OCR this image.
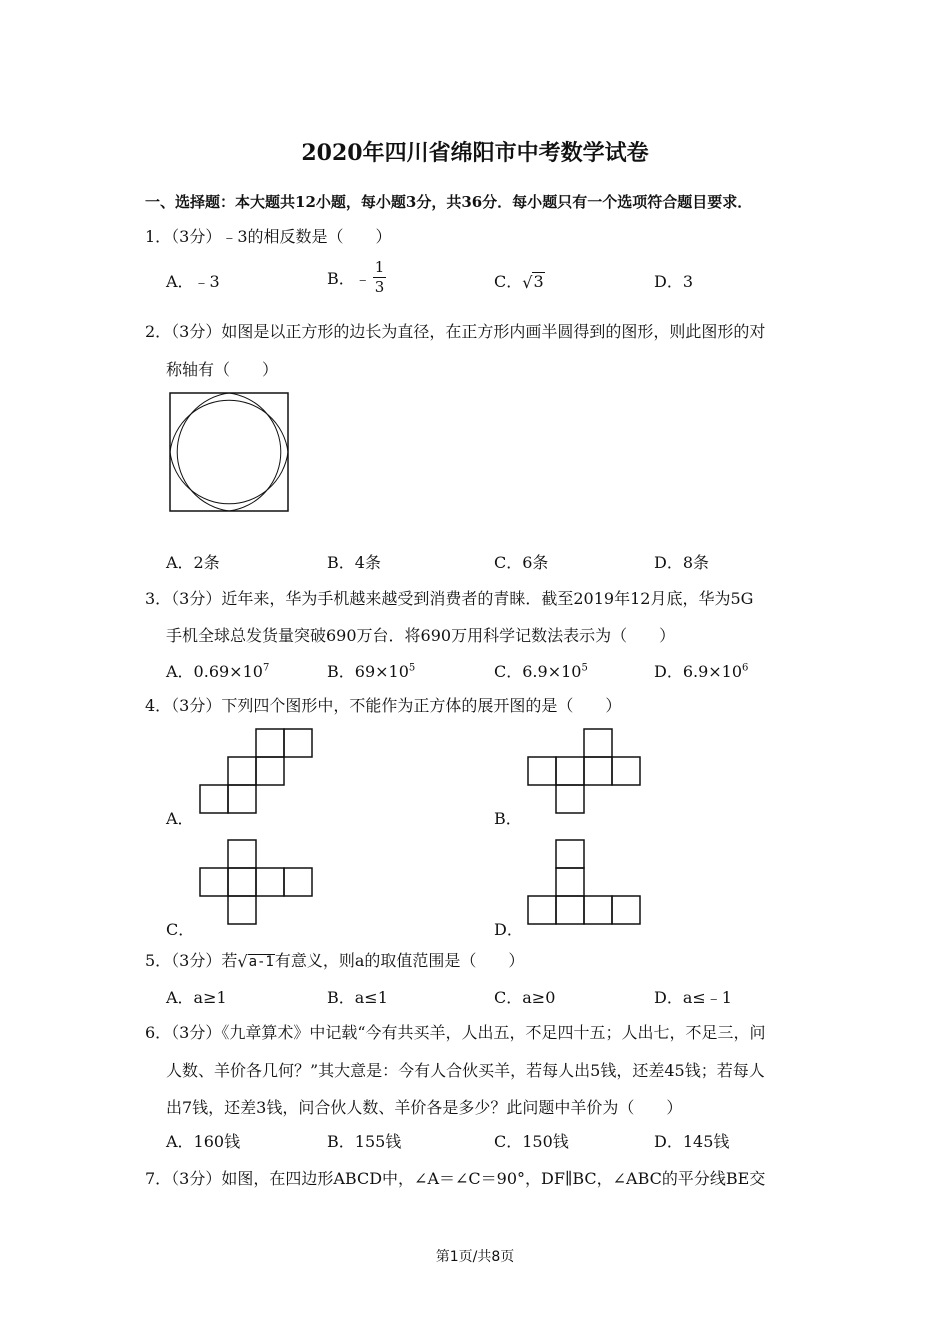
2020年四川省绵阳市中考数学试卷
一、选择题：本大题共12小题，每小题3分，共36分．每小题只有一个选项符合题目要求．
1．（3分）﹣3的相反数是（　　）
A．﹣3	B．﹣ $\frac{1}{3}$	C．√3	D．3
2．（3分）如图是以正方形的边长为直径，在正方形内画半圆得到的图形，则此图形的对
称轴有（　　）
A．2条	B．4条	C．6条	D．8条
3．（3分）近年来，华为手机越来越受到消费者的青睐．截至2019年12月底，华为5G
手机全球总发货量突破690万台．将690万用科学记数法表示为（　　）
A．$0.69\times 10^7$	B．$69\times 10^5$	C．$6.9\times 10^5$	D．$6.9\times 10^6$
4．（3分）下列四个图形中，不能作为正方体的展开图的是（　　）
A．	B．
C．	D．
5．（3分）若√a-1有意义，则a的取值范围是（　　）
A．a≥1	B．a≤1	C．a≥0	D．a≤﹣1
6．（3分）《九章算术》中记载“今有共买羊，人出五，不足四十五；人出七，不足三，问
人数、羊价各几何？”其大意是：今有人合伙买羊，若每人出5钱，还差45钱；若每人
出7钱，还差3钱，问合伙人数、羊价各是多少？此问题中羊价为（　　）
A．160钱	B．155钱	C．150钱	D．145钱
7．（3分）如图，在四边形ABCD中，∠A＝∠C＝90°，DF∥BC，∠ABC的平分线BE交
第1页/共8页
